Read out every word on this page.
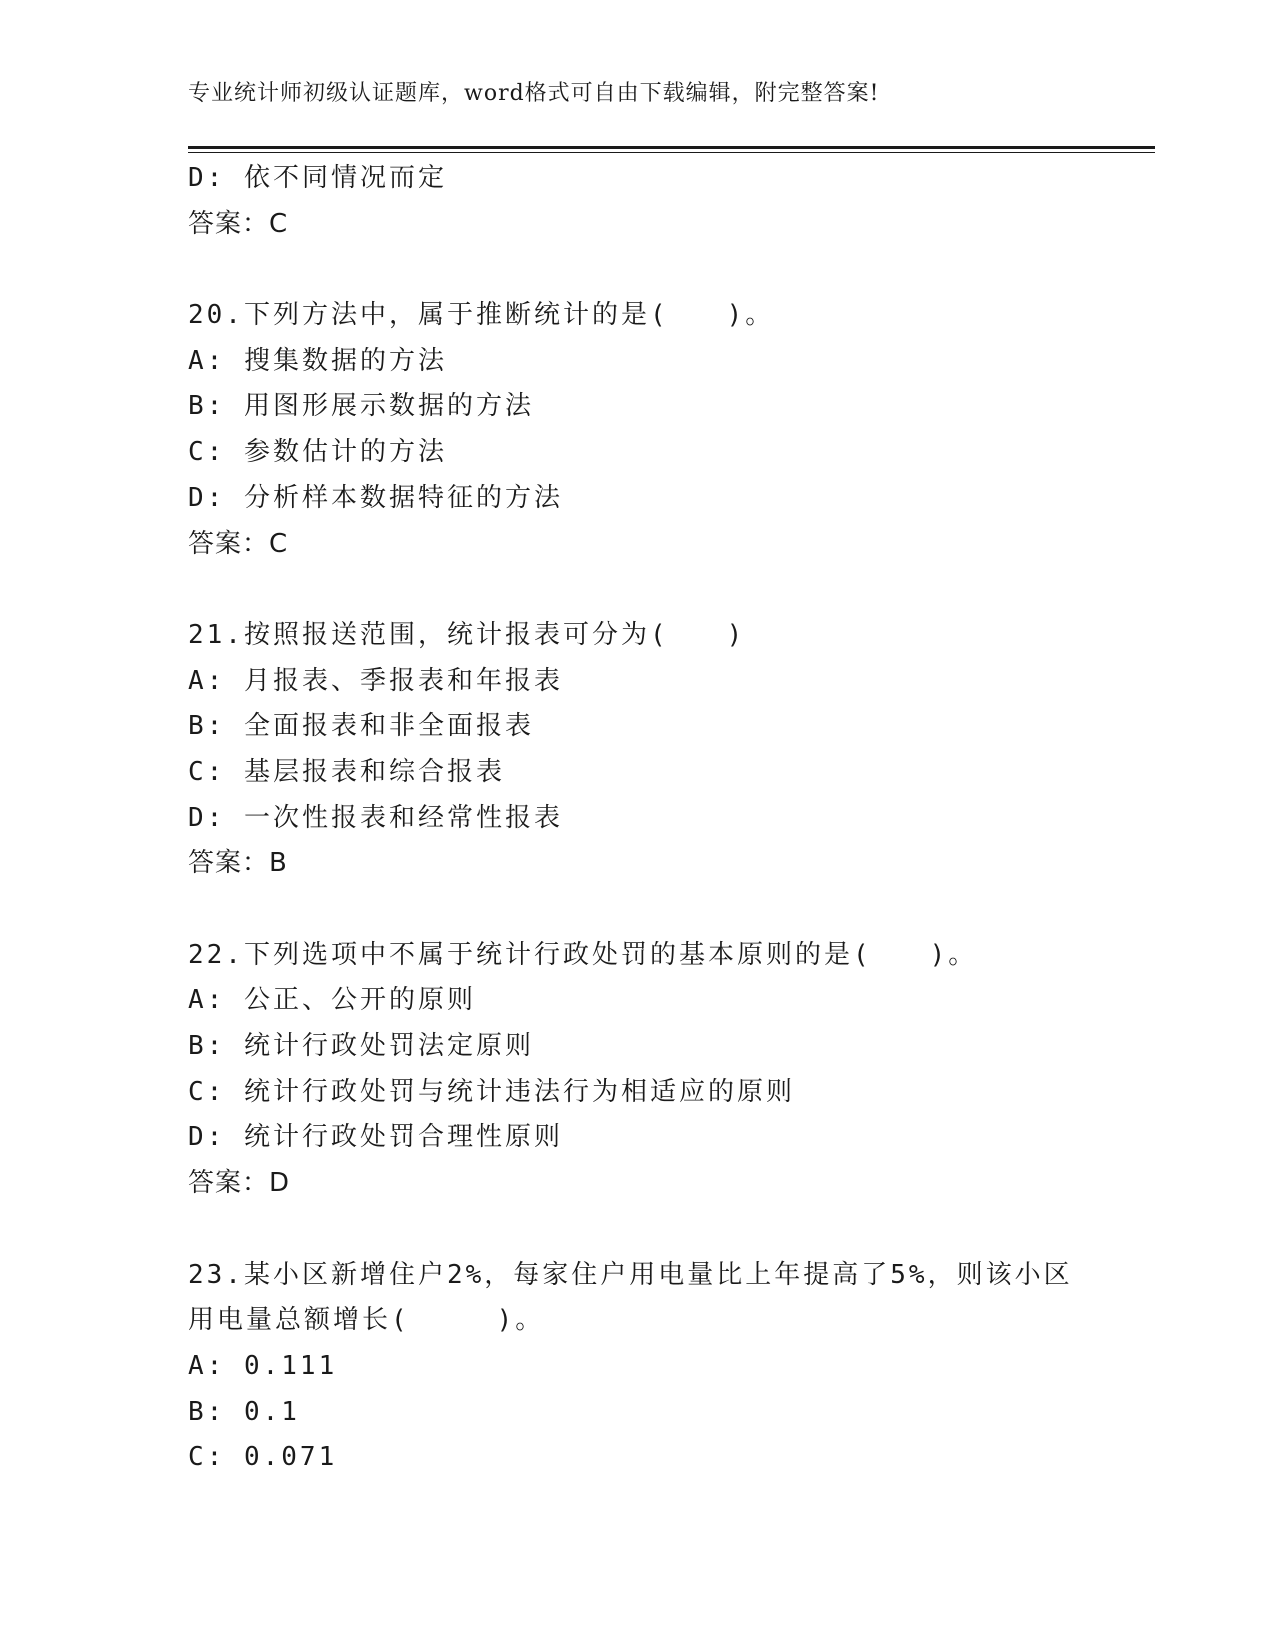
专业统计师初级认证题库，word格式可自由下载编辑，附完整答案!
D: 依不同情况而定
答案：C
20.下列方法中，属于推断统计的是(　　)。
A: 搜集数据的方法
B: 用图形展示数据的方法
C: 参数估计的方法
D: 分析样本数据特征的方法
答案：C
21.按照报送范围，统计报表可分为(　　)
A: 月报表、季报表和年报表
B: 全面报表和非全面报表
C: 基层报表和综合报表
D: 一次性报表和经常性报表
答案：B
22.下列选项中不属于统计行政处罚的基本原则的是(　　)。
A: 公正、公开的原则
B: 统计行政处罚法定原则
C: 统计行政处罚与统计违法行为相适应的原则
D: 统计行政处罚合理性原则
答案：D
23.某小区新增住户2%，每家住户用电量比上年提高了5%，则该小区
用电量总额增长(　　　)。
A: 0.111
B: 0.1
C: 0.071
